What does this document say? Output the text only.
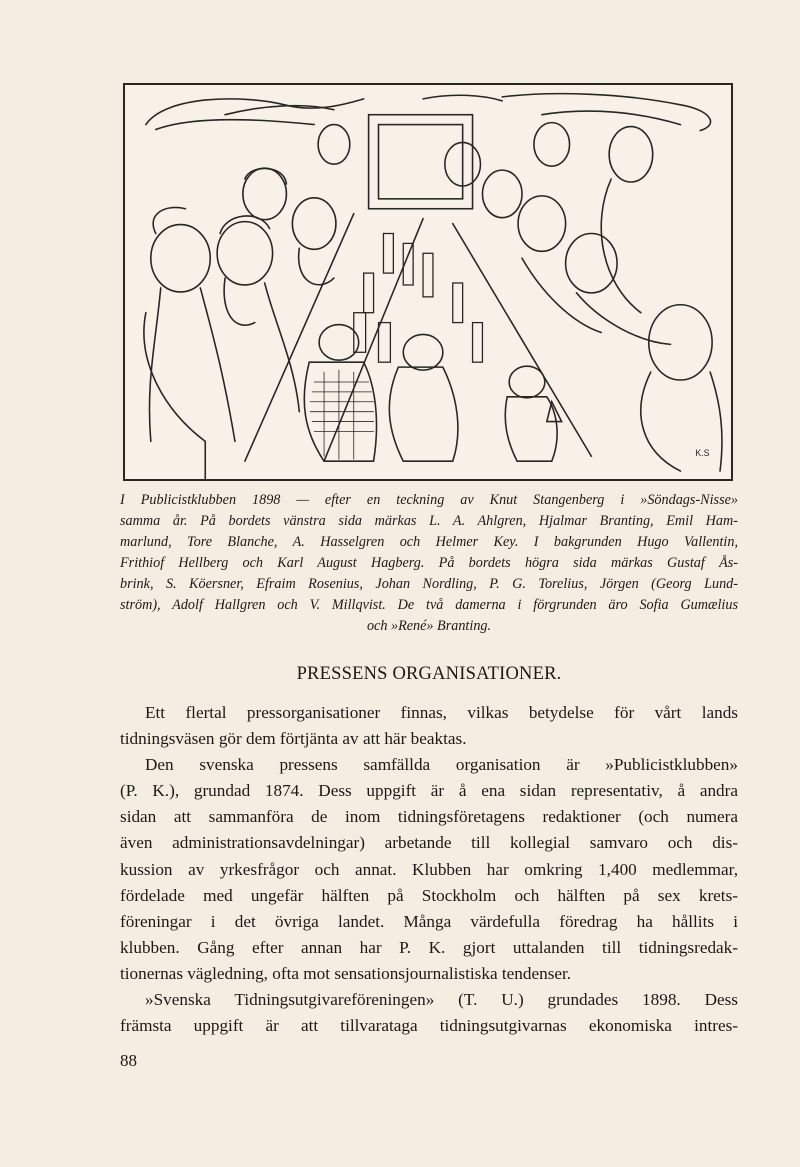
K.S
I Publicistklubben 1898 — efter en teckning av Knut Stangenberg i »Söndags-Nisse»
samma år. På bordets vänstra sida märkas L. A. Ahlgren, Hjalmar Branting, Emil Ham-
marlund, Tore Blanche, A. Hasselgren och Helmer Key. I bakgrunden Hugo Vallentin,
Frithiof Hellberg och Karl August Hagberg. På bordets högra sida märkas Gustaf Ås-
brink, S. Köersner, Efraim Rosenius, Johan Nordling, P. G. Torelius, Jörgen (Georg Lund-
ström), Adolf Hallgren och V. Millqvist. De två damerna i förgrunden äro Sofia Gumælius
och »René» Branting.
PRESSENS ORGANISATIONER.
Ett flertal pressorganisationer finnas, vilkas betydelse för vårt lands
tidningsväsen gör dem förtjänta av att här beaktas.
Den svenska pressens samfällda organisation är »Publicistklubben»
(P. K.), grundad 1874. Dess uppgift är å ena sidan representativ, å andra
sidan att sammanföra de inom tidningsföretagens redaktioner (och numera
även administrationsavdelningar) arbetande till kollegial samvaro och dis-
kussion av yrkesfrågor och annat. Klubben har omkring 1,400 medlemmar,
fördelade med ungefär hälften på Stockholm och hälften på sex krets-
föreningar i det övriga landet. Många värdefulla föredrag ha hållits i
klubben. Gång efter annan har P. K. gjort uttalanden till tidningsredak-
tionernas vägledning, ofta mot sensationsjournalistiska tendenser.
»Svenska Tidningsutgivareföreningen» (T. U.) grundades 1898. Dess
främsta uppgift är att tillvaratagа tidningsutgivarnas ekonomiska intres-
88
